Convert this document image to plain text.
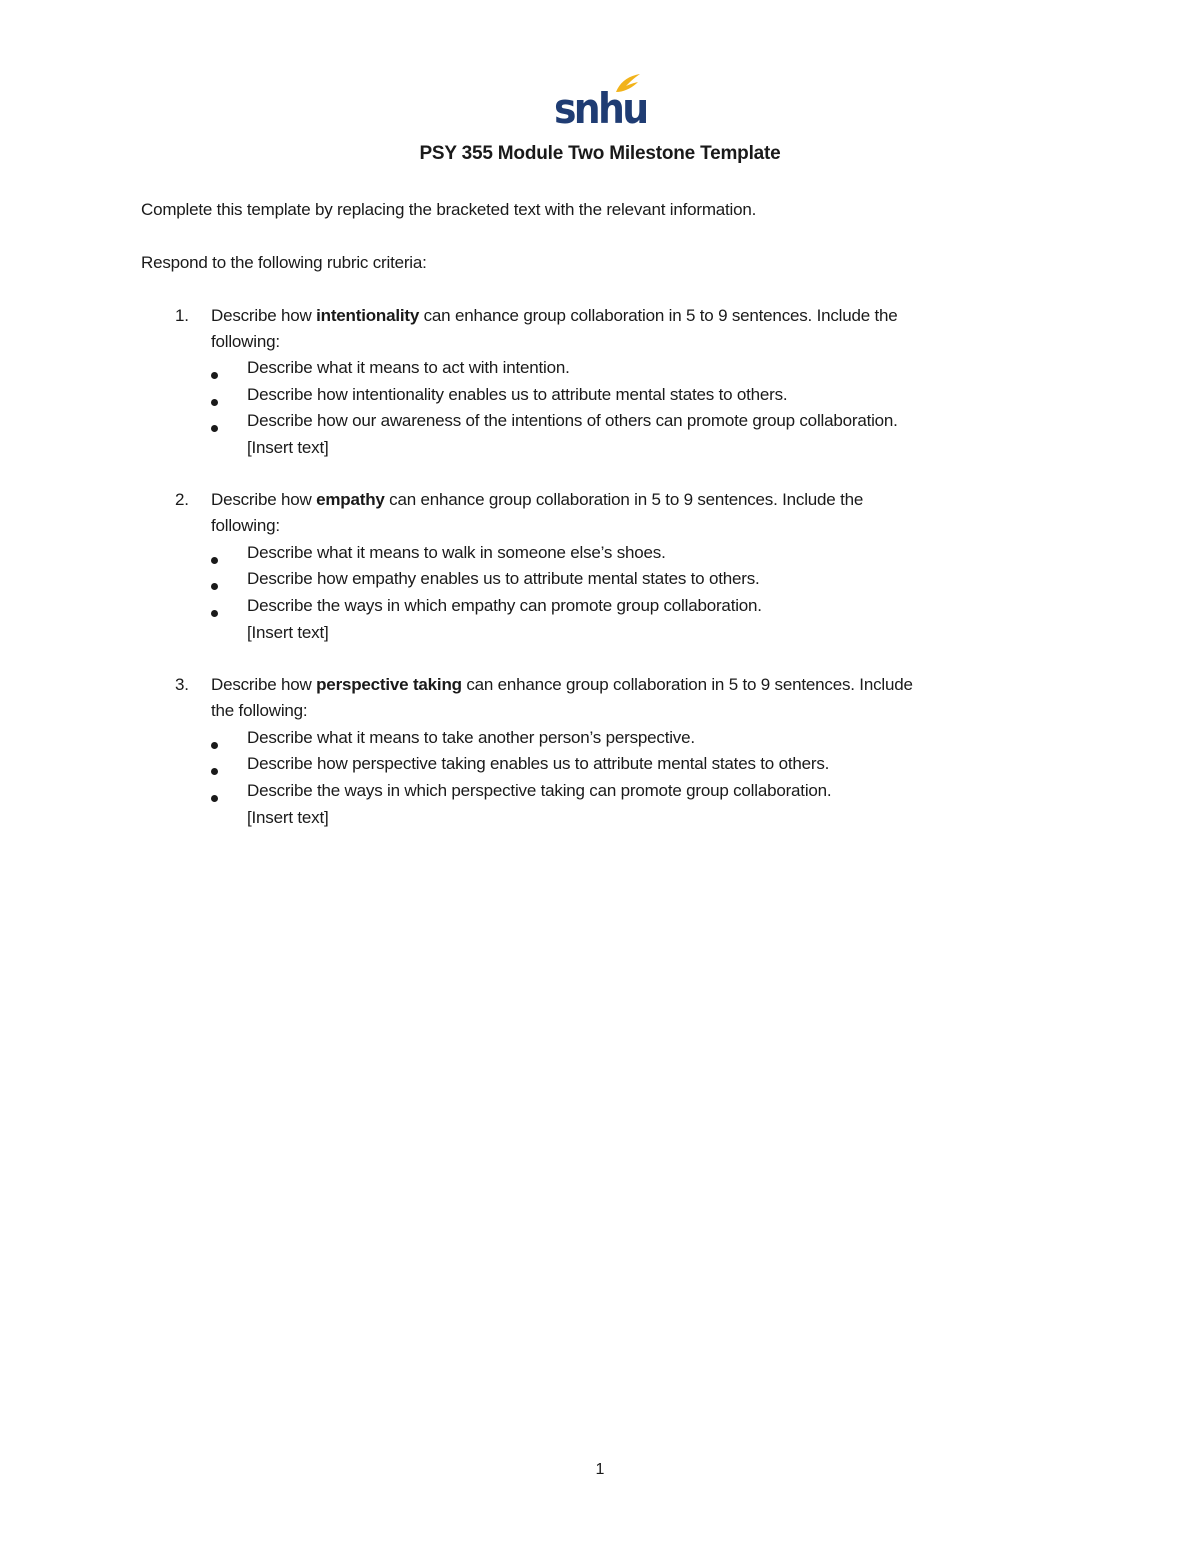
snhu
PSY 355 Module Two Milestone Template
Complete this template by replacing the bracketed text with the relevant information.
Respond to the following rubric criteria:
1. Describe how intentionality can enhance group collaboration in 5 to 9 sentences. Include the
following:
Describe what it means to act with intention.
Describe how intentionality enables us to attribute mental states to others.
Describe how our awareness of the intentions of others can promote group collaboration.
[Insert text]
2. Describe how empathy can enhance group collaboration in 5 to 9 sentences. Include the
following:
Describe what it means to walk in someone else’s shoes.
Describe how empathy enables us to attribute mental states to others.
Describe the ways in which empathy can promote group collaboration.
[Insert text]
3. Describe how perspective taking can enhance group collaboration in 5 to 9 sentences. Include
the following:
Describe what it means to take another person’s perspective.
Describe how perspective taking enables us to attribute mental states to others.
Describe the ways in which perspective taking can promote group collaboration.
[Insert text]
1
